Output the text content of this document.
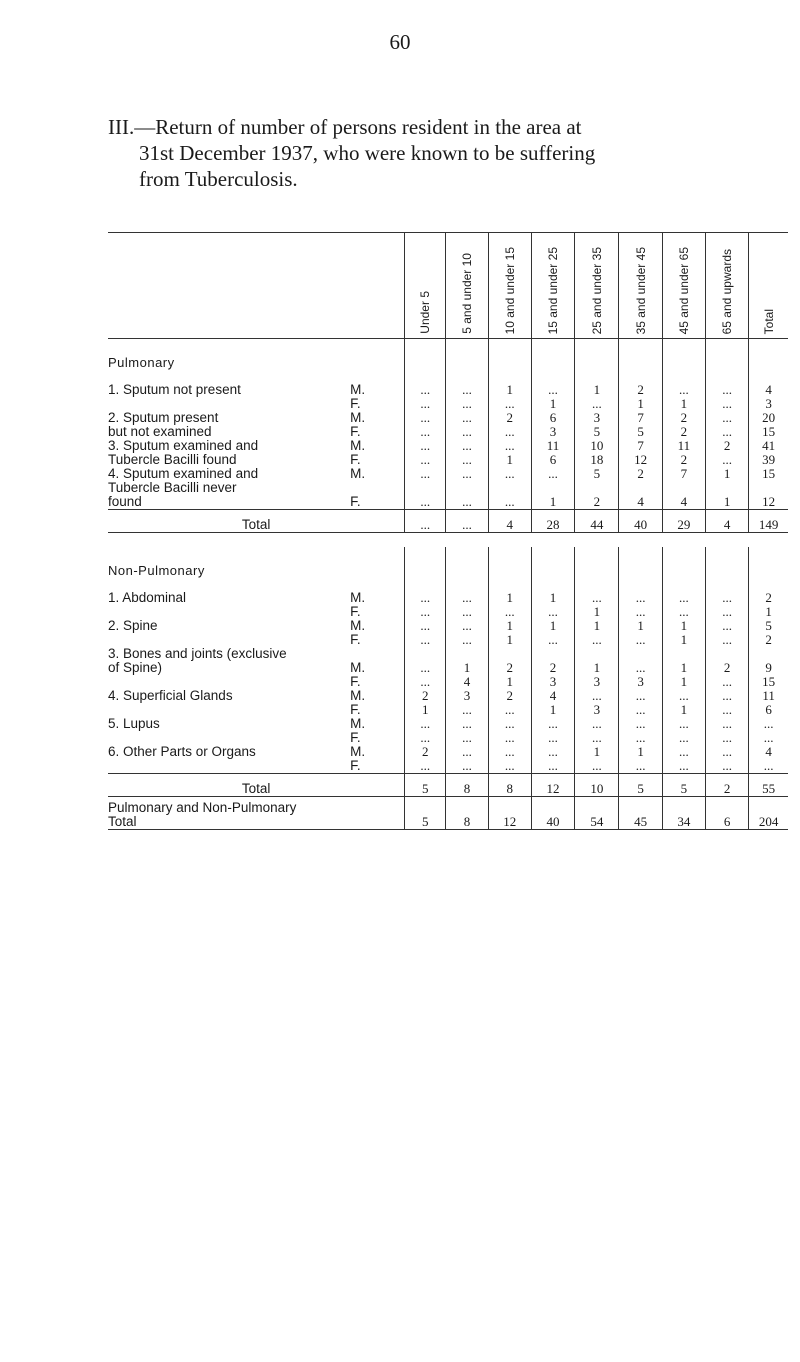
60
III.—Return of number of persons resident in the area at

31st December 1937, who were known to be suffering
from Tuberculosis.
		Under 5	5 and under 10	10 and under 15	15 and under 25	25 and under 35	35 and under 45	45 and under 65	65 and upwards	Total
Pulmonary										
1. Sputum not present	M.	...	...	1	...	1	2	...	...	4
	F.	...	...	...	1	...	1	1	...	3
2. Sputum present	M.	...	...	2	6	3	7	2	...	20
but not examined	F.	...	...	...	3	5	5	2	...	15
3. Sputum examined and	M.	...	...	...	11	10	7	11	2	41
Tubercle Bacilli found	F.	...	...	1	6	18	12	2	...	39
4. Sputum examined and	M.	...	...	...	...	5	2	7	1	15
Tubercle Bacilli never										
found	F.	...	...	...	1	2	4	4	1	12

Total		...	...	4	28	44	40	29	4	149

Non-Pulmonary										
1. Abdominal	M.	...	...	1	1	...	...	...	...	2
	F.	...	...	...	...	1	...	...	...	1
2. Spine	M.	...	...	1	1	1	1	1	...	5
	F.	...	...	1	...	...	...	1	...	2
3. Bones and joints (exclusive										
of Spine)	M.	...	1	2	2	1	...	1	2	9
	F.	...	4	1	3	3	3	1	...	15
4. Superficial Glands	M.	2	3	2	4	...	...	...	...	11
	F.	1	...	...	1	3	...	1	...	6
5. Lupus	M.	...	...	...	...	...	...	...	...	...
	F.	...	...	...	...	...	...	...	...	...
6. Other Parts or Organs	M.	2	...	...	...	1	1	...	...	4
	F.	...	...	...	...	...	...	...	...	...

Total		5	8	8	12	10	5	5	2	55

Pulmonary and Non-Pulmonary
Total		5	8	12	40	54	45	34	6	204
